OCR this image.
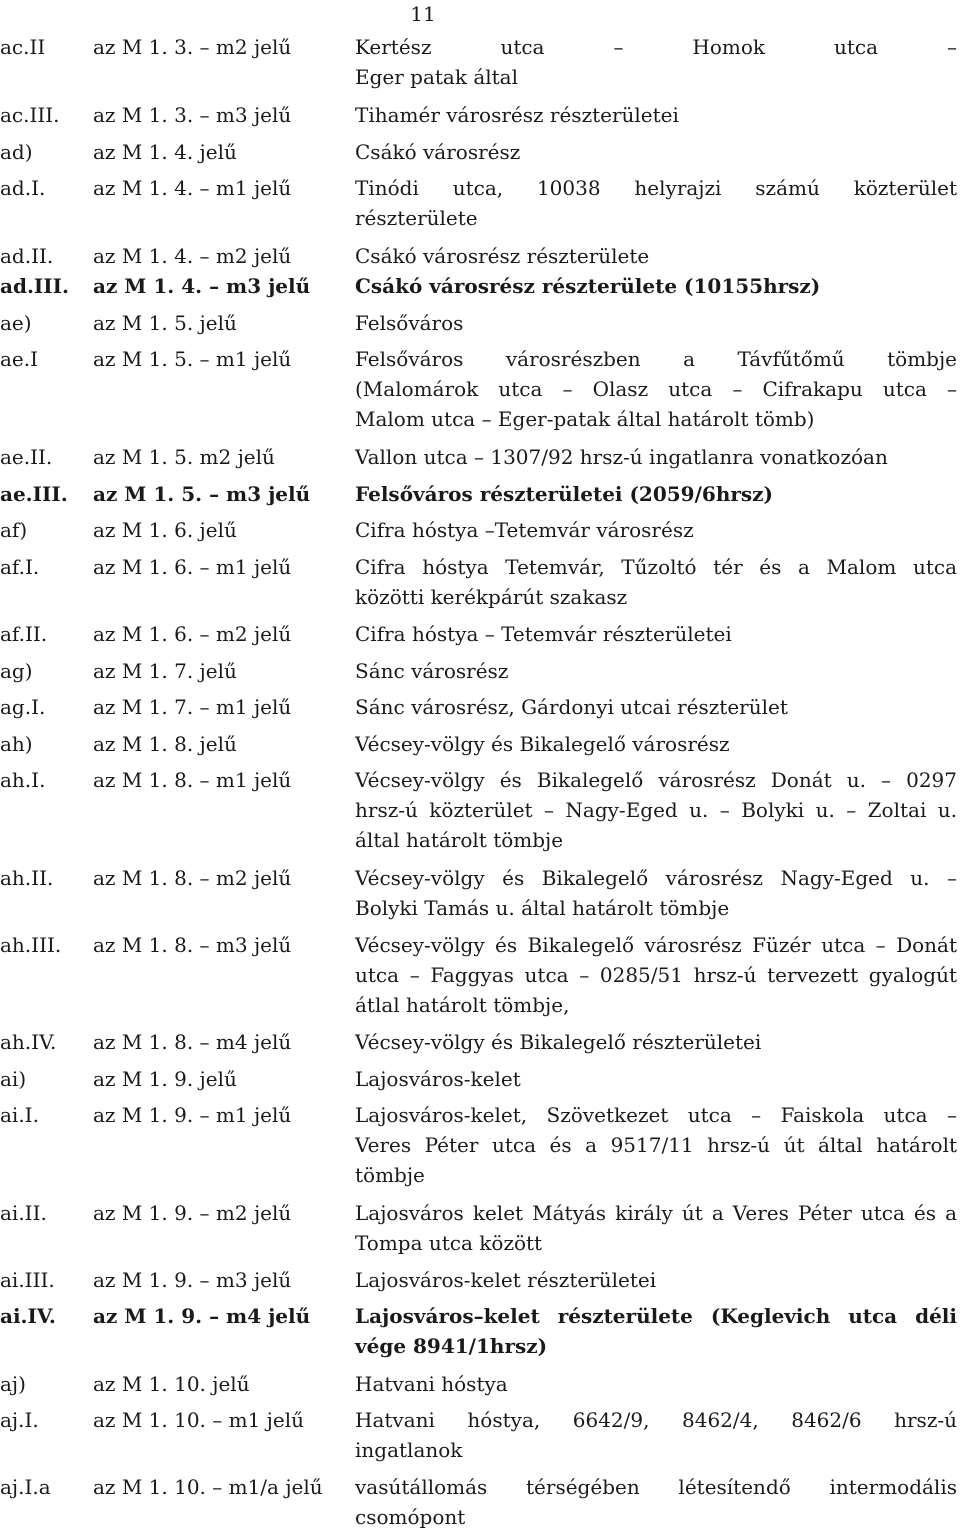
11
ac.II az M 1. 3. – m2 jelű	Kertész utca – Homok utca –
Eger patak által
ac.III. az M 1. 3. – m3 jelű	Tihamér városrész részterületei
ad)	az M 1. 4. jelű	Csákó városrész
ad.I. az M 1. 4. – m1 jelű	Tinódi utca, 10038 helyrajzi számú közterület
részterülete
ad.II. az M 1. 4. – m2 jelű	Csákó városrész részterülete
ad.III. az M 1. 4. – m3 jelű Csákó városrész részterülete (10155hrsz)
ae)	az M 1. 5. jelű	Felsőváros
ae.I	az M 1. 5. – m1 jelű	Felsőváros városrészben a Távfűtőmű tömbje
(Malomárok utca – Olasz utca – Cifrakapu utca –
Malom utca – Eger-patak által határolt tömb)
ae.II. az M 1. 5. m2 jelű	Vallon utca – 1307/92 hrsz-ú ingatlanra vonatkozóan
ae.III. az M 1. 5. – m3 jelű Felsőváros részterületei (2059/6hrsz)
af)	az M 1. 6. jelű	Cifra hóstya –Tetemvár városrész
af.I.	az M 1. 6. – m1 jelű	Cifra hóstya Tetemvár, Tűzoltó tér és a Malom utca
közötti kerékpárút szakasz
af.II. az M 1. 6. – m2 jelű	Cifra hóstya – Tetemvár részterületei
ag)	az M 1. 7. jelű	Sánc városrész
ag.I. az M 1. 7. – m1 jelű	Sánc városrész, Gárdonyi utcai részterület
ah)	az M 1. 8. jelű	Vécsey-völgy és Bikalegelő városrész
ah.I. az M 1. 8. – m1 jelű	Vécsey-völgy és Bikalegelő városrész Donát u. – 0297
hrsz-ú közterület – Nagy-Eged u. – Bolyki u. – Zoltai u.
által határolt tömbje
ah.II. az M 1. 8. – m2 jelű	Vécsey-völgy és Bikalegelő városrész Nagy-Eged u. –
Bolyki Tamás u. által határolt tömbje
ah.III. az M 1. 8. – m3 jelű	Vécsey-völgy és Bikalegelő városrész Füzér utca – Donát
utca – Faggyas utca – 0285/51 hrsz-ú tervezett gyalogút
átlal határolt tömbje,
ah.IV. az M 1. 8. – m4 jelű	Vécsey-völgy és Bikalegelő részterületei
ai)	az M 1. 9. jelű	Lajosváros-kelet
ai.I.	az M 1. 9. – m1 jelű	Lajosváros-kelet, Szövetkezet utca – Faiskola utca –
Veres Péter utca és a 9517/11 hrsz-ú út által határolt
tömbje
ai.II. az M 1. 9. – m2 jelű	Lajosváros kelet Mátyás király út a Veres Péter utca és a
Tompa utca között
ai.III. az M 1. 9. – m3 jelű	Lajosváros-kelet részterületei
ai.IV. az M 1. 9. – m4 jelű Lajosváros–kelet részterülete (Keglevich utca déli
vége 8941/1hrsz)
aj)	az M 1. 10. jelű	Hatvani hóstya
aj.I.	az M 1. 10. – m1 jelű	Hatvani hóstya, 6642/9, 8462/4, 8462/6 hrsz-ú
ingatlanok
aj.I.a az M 1. 10. – m1/a jelű vasútállomás térségében létesítendő intermodális
csomópont
